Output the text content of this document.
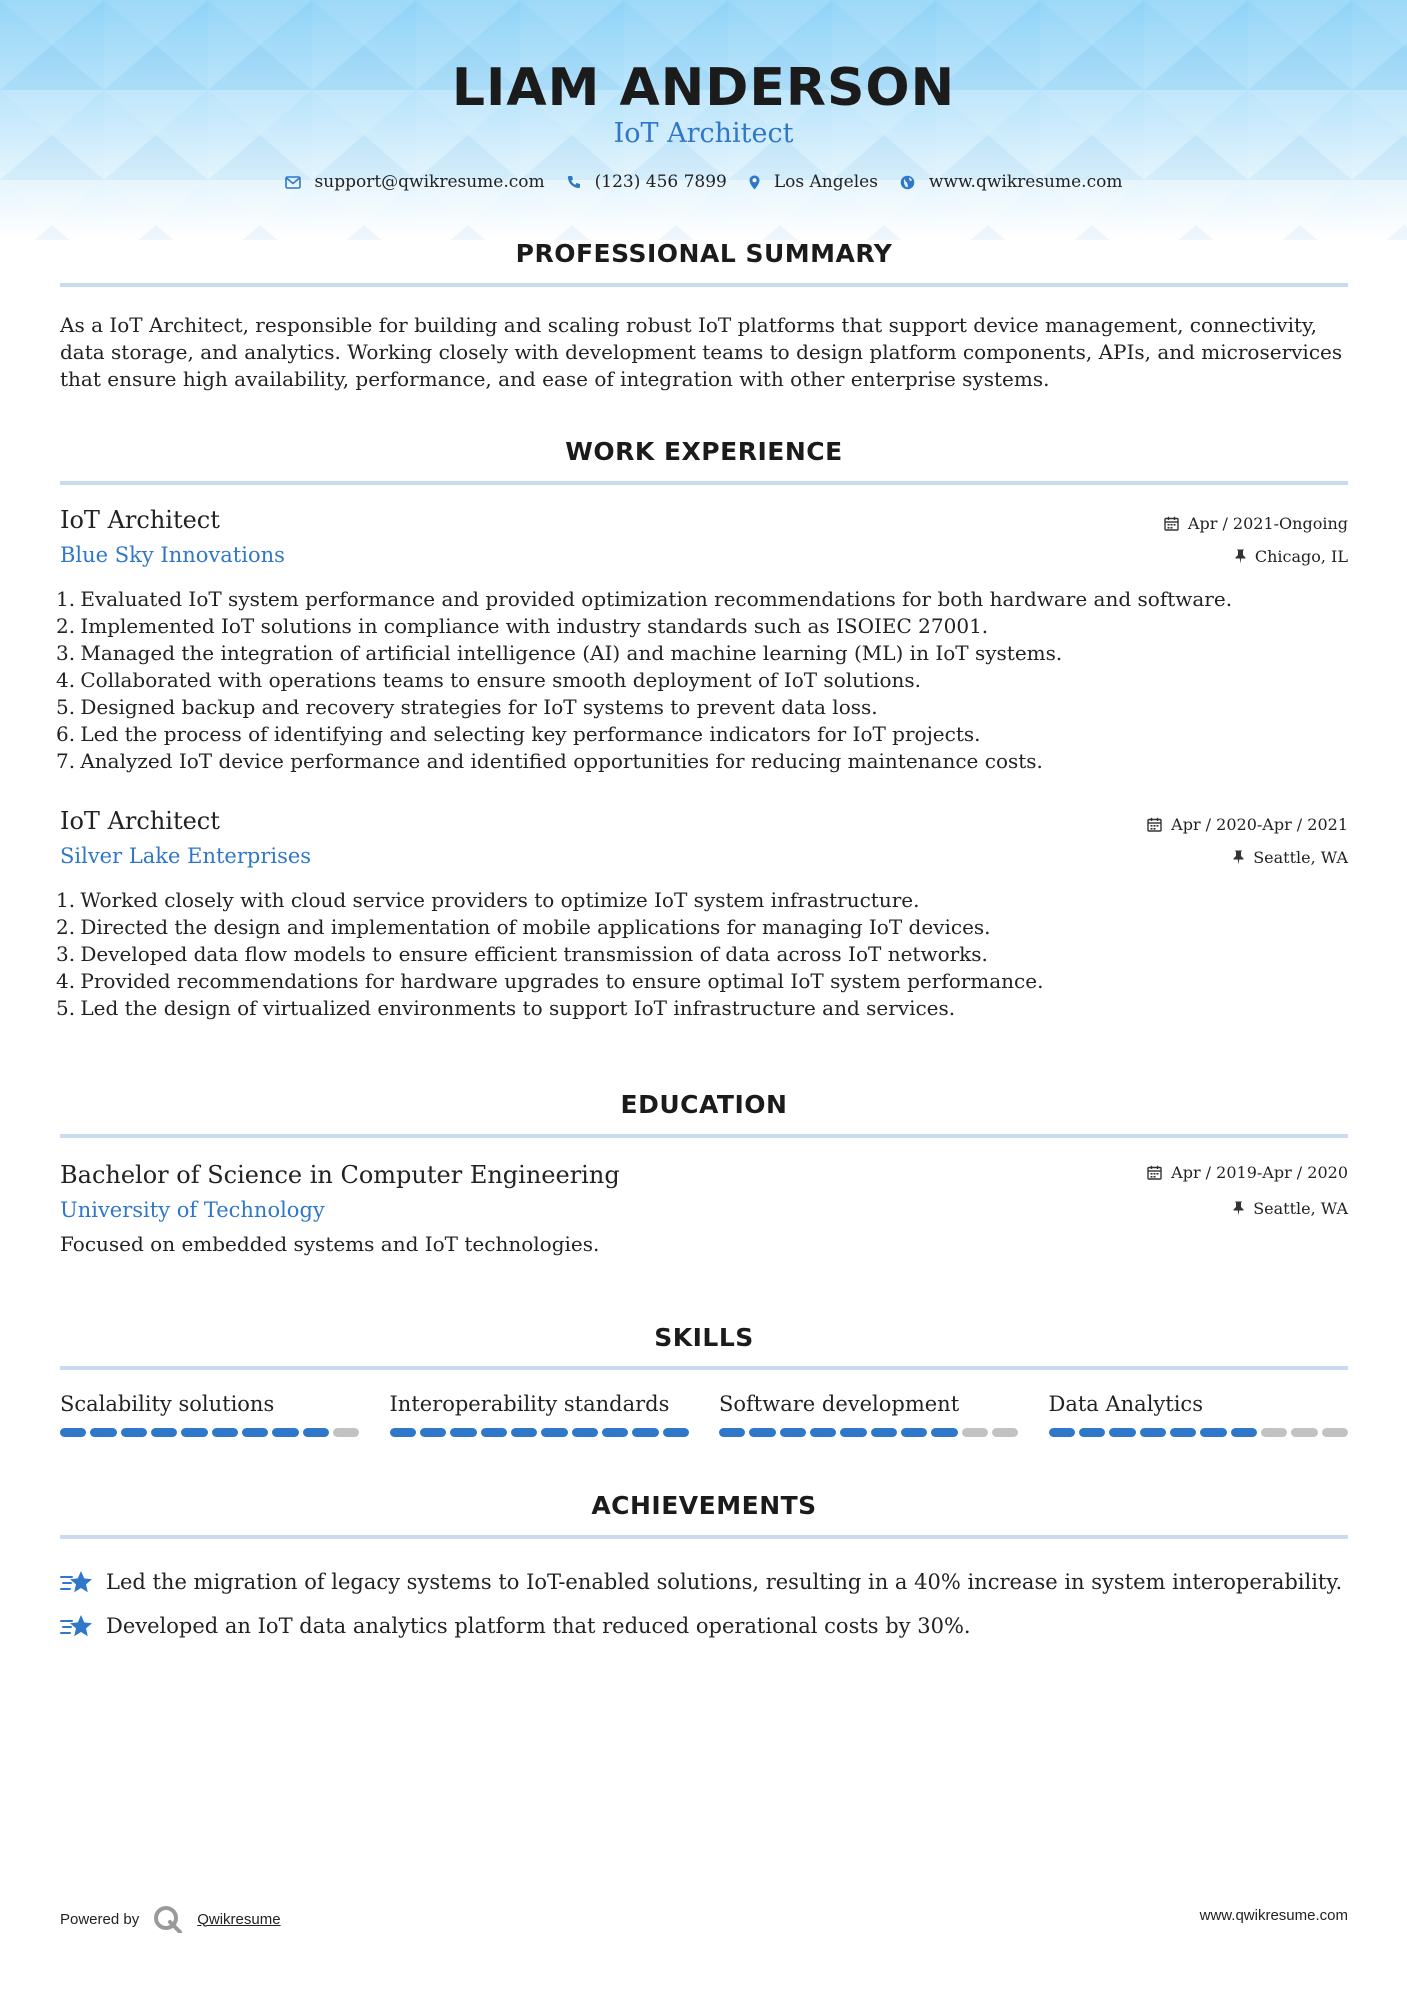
LIAM ANDERSON
IoT Architect
support@qwikresume.com	(123) 456 7899	Los Angeles	www.qwikresume.com
PROFESSIONAL SUMMARY
As a IoT Architect, responsible for building and scaling robust IoT platforms that support device management, connectivity,
data storage, and analytics. Working closely with development teams to design platform components, APIs, and microservices
that ensure high availability, performance, and ease of integration with other enterprise systems.
WORK EXPERIENCE
IoT Architect
Blue Sky Innovations
Apr / 2021-Ongoing
Chicago, IL
1. Evaluated IoT system performance and provided optimization recommendations for both hardware and software.
2. Implemented IoT solutions in compliance with industry standards such as ISOIEC 27001.
3. Managed the integration of artificial intelligence (AI) and machine learning (ML) in IoT systems.
4. Collaborated with operations teams to ensure smooth deployment of IoT solutions.
5. Designed backup and recovery strategies for IoT systems to prevent data loss.
6. Led the process of identifying and selecting key performance indicators for IoT projects.
7. Analyzed IoT device performance and identified opportunities for reducing maintenance costs.
IoT Architect
Silver Lake Enterprises
Apr / 2020-Apr / 2021
Seattle, WA
1. Worked closely with cloud service providers to optimize IoT system infrastructure.
2. Directed the design and implementation of mobile applications for managing IoT devices.
3. Developed data flow models to ensure efficient transmission of data across IoT networks.
4. Provided recommendations for hardware upgrades to ensure optimal IoT system performance.
5. Led the design of virtualized environments to support IoT infrastructure and services.
EDUCATION
Bachelor of Science in Computer Engineering
University of Technology
Apr / 2019-Apr / 2020
Seattle, WA
Focused on embedded systems and IoT technologies.
SKILLS
Scalability solutions	Interoperability standards	Software development	Data Analytics
ACHIEVEMENTS
Led the migration of legacy systems to IoT-enabled solutions, resulting in a 40% increase in system interoperability.
Developed an IoT data analytics platform that reduced operational costs by 30%.
Powered by	Qwikresume	www.qwikresume.com
